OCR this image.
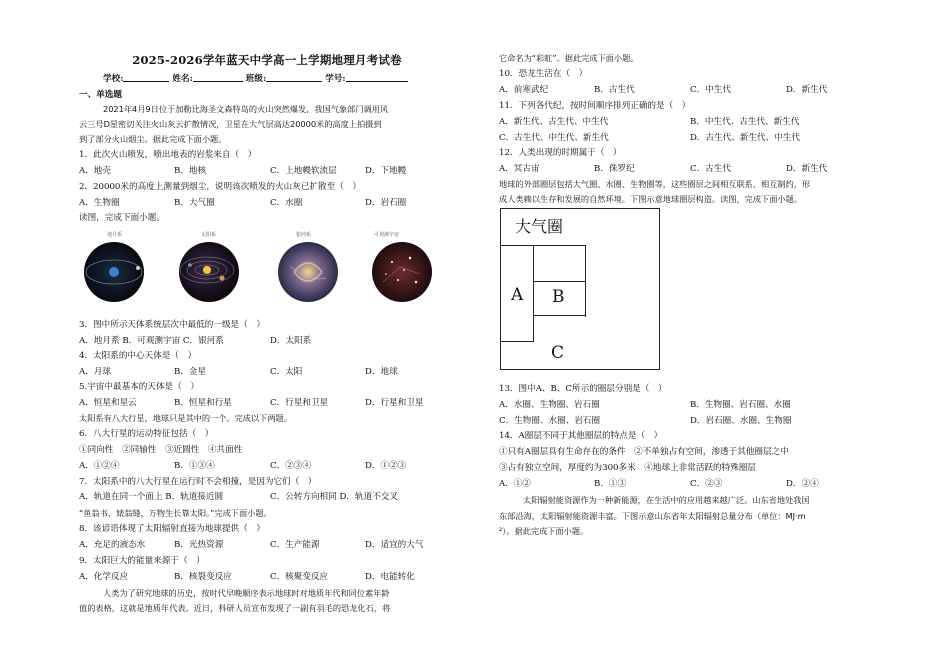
2025-2026学年蓝天中学高一上学期地理月考试卷
学校:	姓名:	班级:	学号:
一、单选题
2021年4月9日位于加勒比海圣文森特岛的火山突然爆发，我国气象部门调用风
云三号D星密切关注火山灰云扩散情况，卫星在大气层高达20000米的高度上拍摄到
到了部分火山烟尘。据此完成下面小题。
1．此次火山喷发，喷出地表的岩浆来自（　）
A．地壳	B．地核	C．上地幔软流层	D．下地幔
2．20000米的高度上测量到烟尘，说明该次喷发的火山灰已扩散至（　）
A．生物圈	B．大气圈	C．水圈	D．岩石圈
读图，完成下面小题。
地月系	太阳系	银河系	可观测宇宙
3．图中所示天体系统层次中最低的一级是（　）
A．地月系 B．可观测宇宙 C．银河系	D．太阳系
4．太阳系的中心天体是（　）
A．月球	B．金星	C．太阳	D．地球
5.宇宙中最基本的天体是（　）
A．恒星和星云	B．恒星和行星	C．行星和卫星	D．行星和卫星
太阳系有八大行星，地球只是其中的一个。完成以下两题。
6．八大行星的运动特征包括（　）
①同向性　②同轴性　③近圆性　④共面性
A．①②④	B．①③④	C．②③④	D．①②③
7．太阳系中的八大行星在运行时不会相撞，是因为它们（　）
A．轨道在同一个面上 B．轨道接近圆	C．公转方向相同 D．轨道不交叉
“鱼翁书，婊翁缝，万物生长靠太阳。”完成下面小题。
8．该谚语体现了太阳辐射直接为地球提供（　）
A．充足的液态水	B．光热资源	C．生产能源	D．适宜的大气
9．太阳巨大的能量来源于（　）
A．化学反应	B．核裂变反应	C．核聚变反应	D．电能转化
人类为了研究地球的历史，按时代早晚顺序表示地球时对地质年代和同位素年龄
值的表格，这就是地质年代表。近日，科研人员宣布发现了一副有羽毛的恐龙化石，将
它命名为“彩虹”。据此完成下面小题。
10．恐龙生活在（　）
A．前寒武纪	B．古生代	C．中生代	D．新生代
11．下列各代纪，按时间顺序排列正确的是（　）
A．新生代、古生代、中生代	B．中生代、古生代、新生代
C．古生代、中生代、新生代	D．古生代、新生代、中生代
12．人类出现的时期属于（　）
A．冥古宙	B．侏罗纪	C．古生代	D．新生代
地球的外部圈层包括大气圈、水圈、生物圈等，这些圈层之间相互联系、相互制约，形
成人类赖以生存和发展的自然环境。下图示意地球圈层构造。读图，完成下面小题。
大气圈
A B
C
13．图中A、B、C所示的圈层分别是（　）
A．水圈、生物圈、岩石圈	B．生物圈、岩石圈、水圈
C．生物圈、水圈、岩石圈	D．岩石圈、水圈、生物圈
14．A圈层不同于其他圈层的特点是（　）
①只有A圈层具有生命存在的条件　②不单独占有空间，渗透于其他圈层之中
③占有独立空间，厚度约为300多米　④地球上非常活跃的特殊圈层
A．①②	B．①③	C．②③	D．②④
太阳辐射能资源作为一种新能源，在生活中的应用越来越广泛。山东省地处我国
东部沿海，太阳辐射能资源丰富。下图示意山东省年太阳辐射总量分布（单位：MJ·m
²）。据此完成下面小题。
